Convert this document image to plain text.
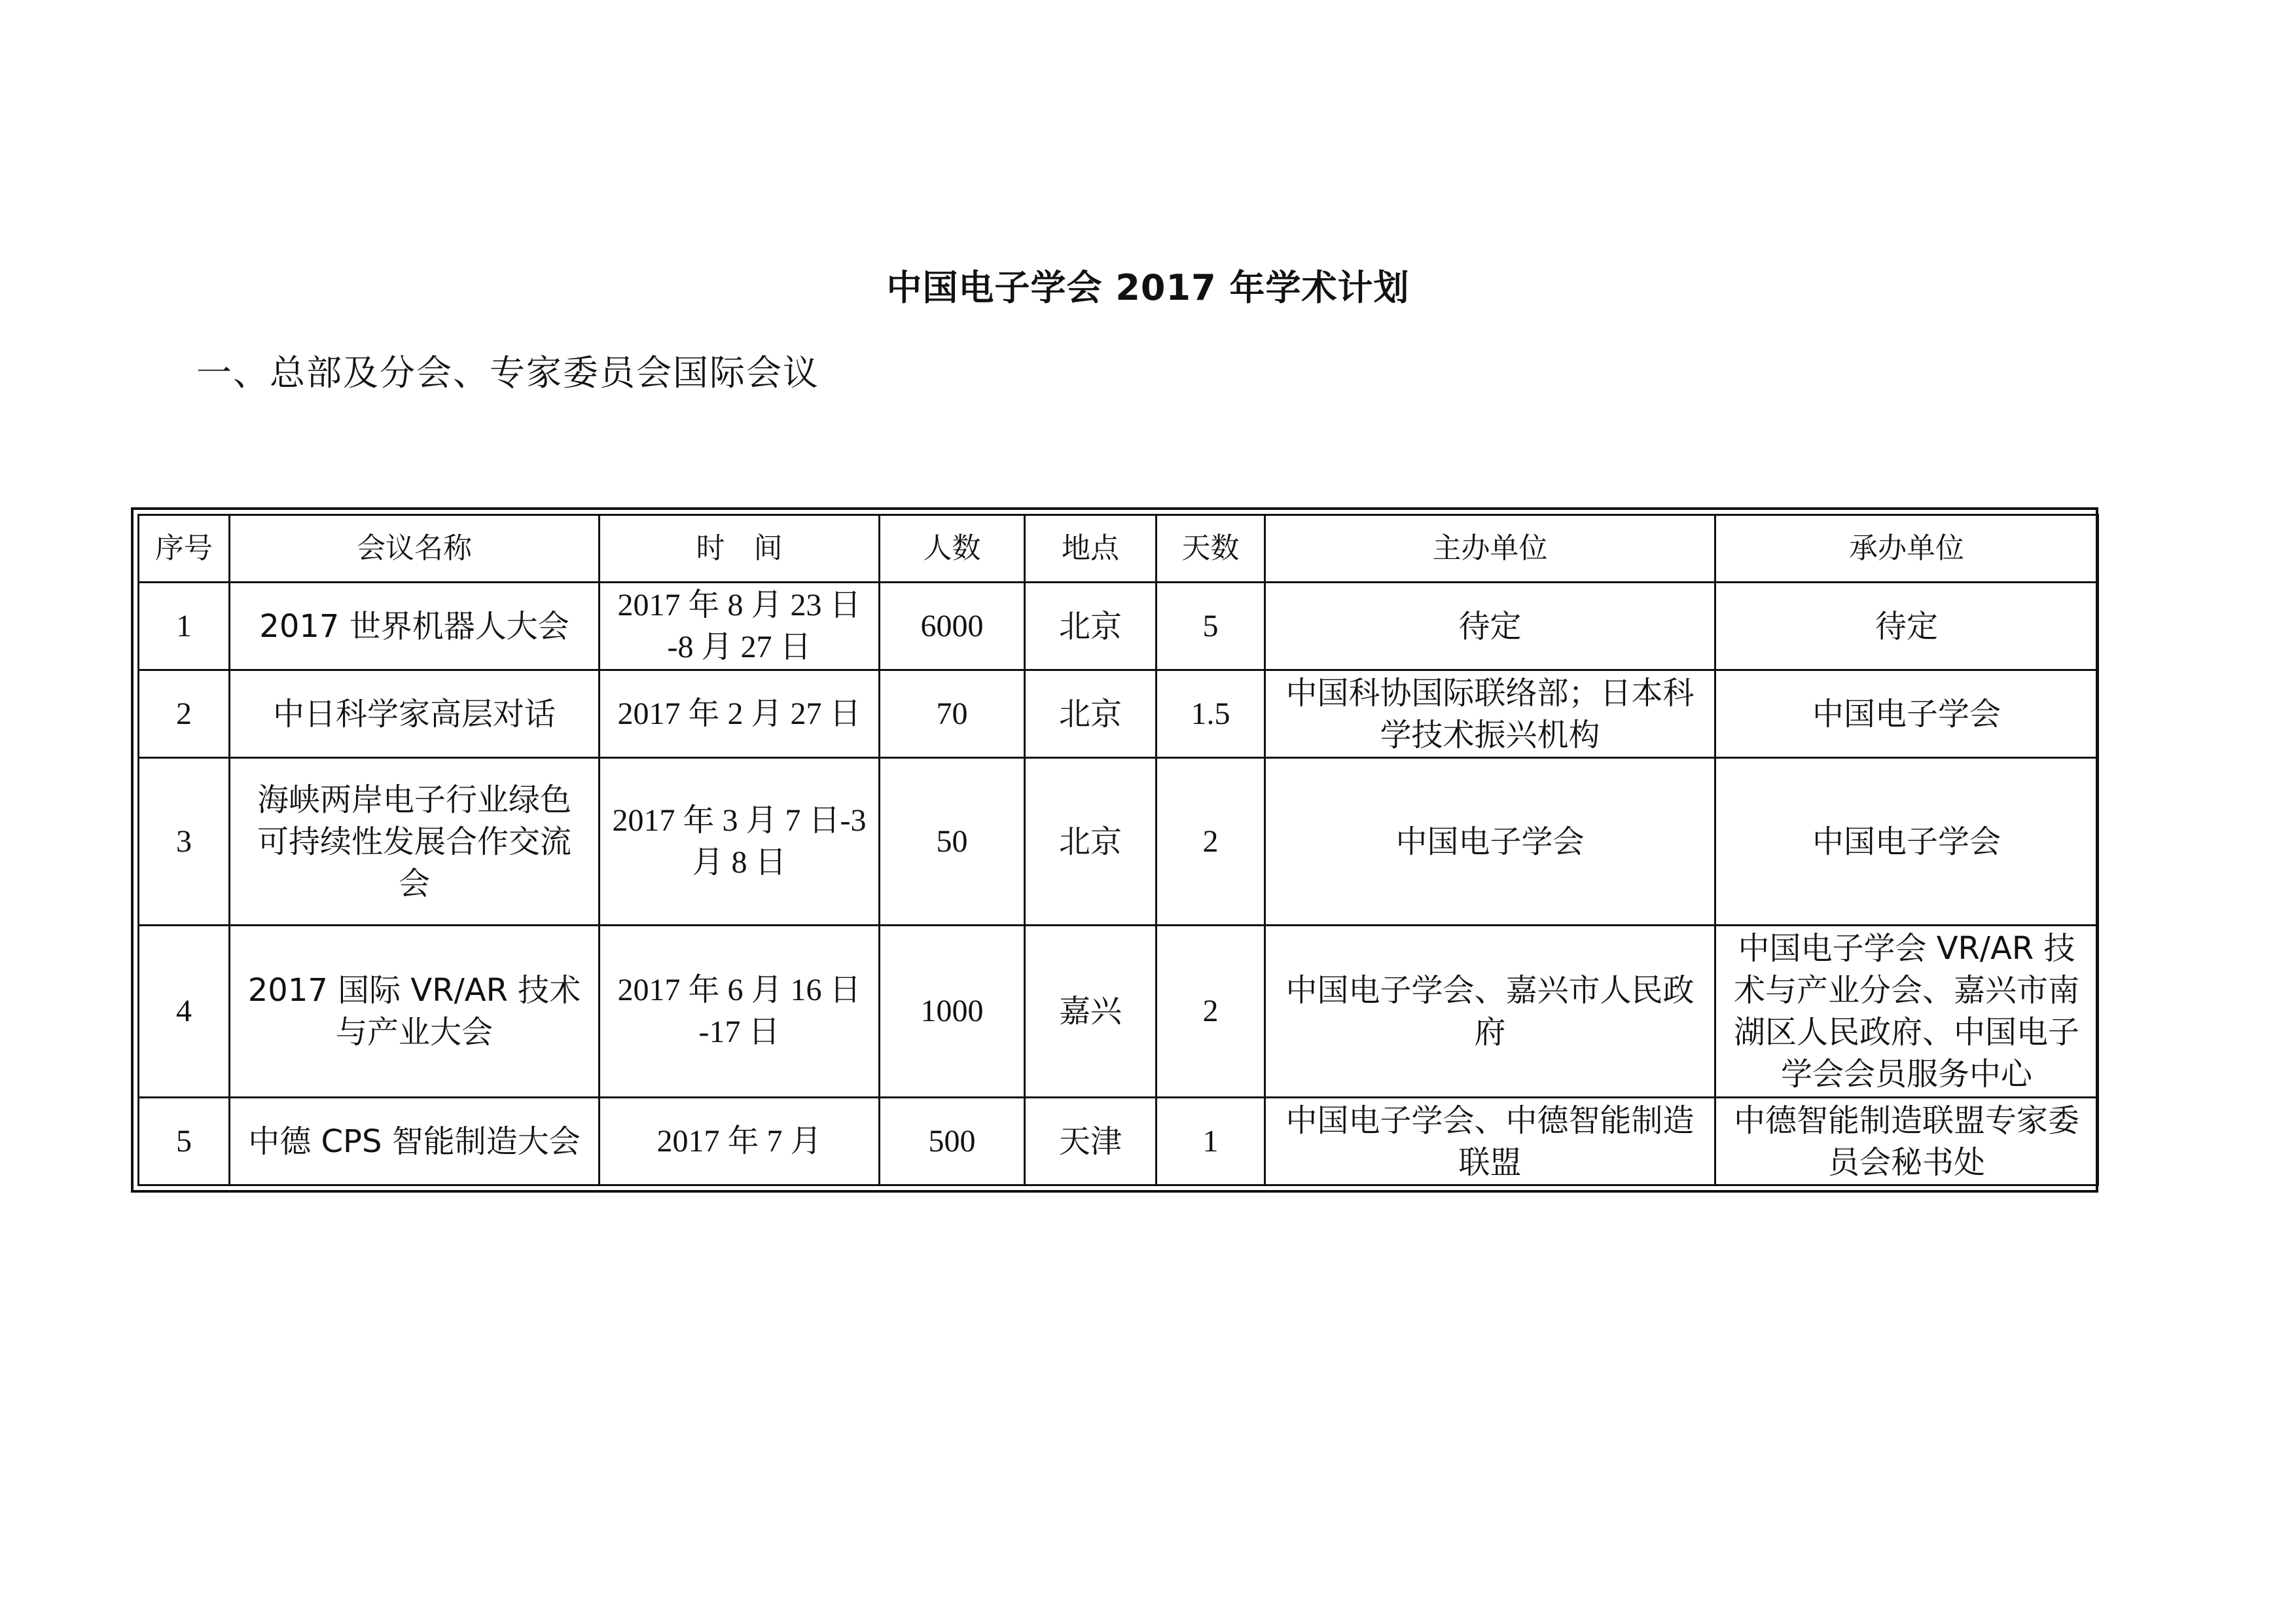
中国电子学会 2017 年学术计划
一、总部及分会、专家委员会国际会议
序号	会议名称	时　间	人数	地点	天数	主办单位	承办单位
1	2017 世界机器人大会	2017 年 8 月 23 日 -8 月 27 日	6000	北京	5	待定	待定
2	中日科学家高层对话	2017 年 2 月 27 日	70	北京	1.5	中国科协国际联络部；日本科学技术振兴机构	中国电子学会
3	海峡两岸电子行业绿色可持续性发展合作交流会	2017 年 3 月 7 日-3 月 8 日	50	北京	2	中国电子学会	中国电子学会
4	2017 国际 VR/AR 技术与产业大会	2017 年 6 月 16 日 -17 日	1000	嘉兴	2	中国电子学会、嘉兴市人民政府	中国电子学会 VR/AR 技术与产业分会、嘉兴市南湖区人民政府、中国电子学会会员服务中心
5	中德 CPS 智能制造大会	2017 年 7 月	500	天津	1	中国电子学会、中德智能制造联盟	中德智能制造联盟专家委员会秘书处
